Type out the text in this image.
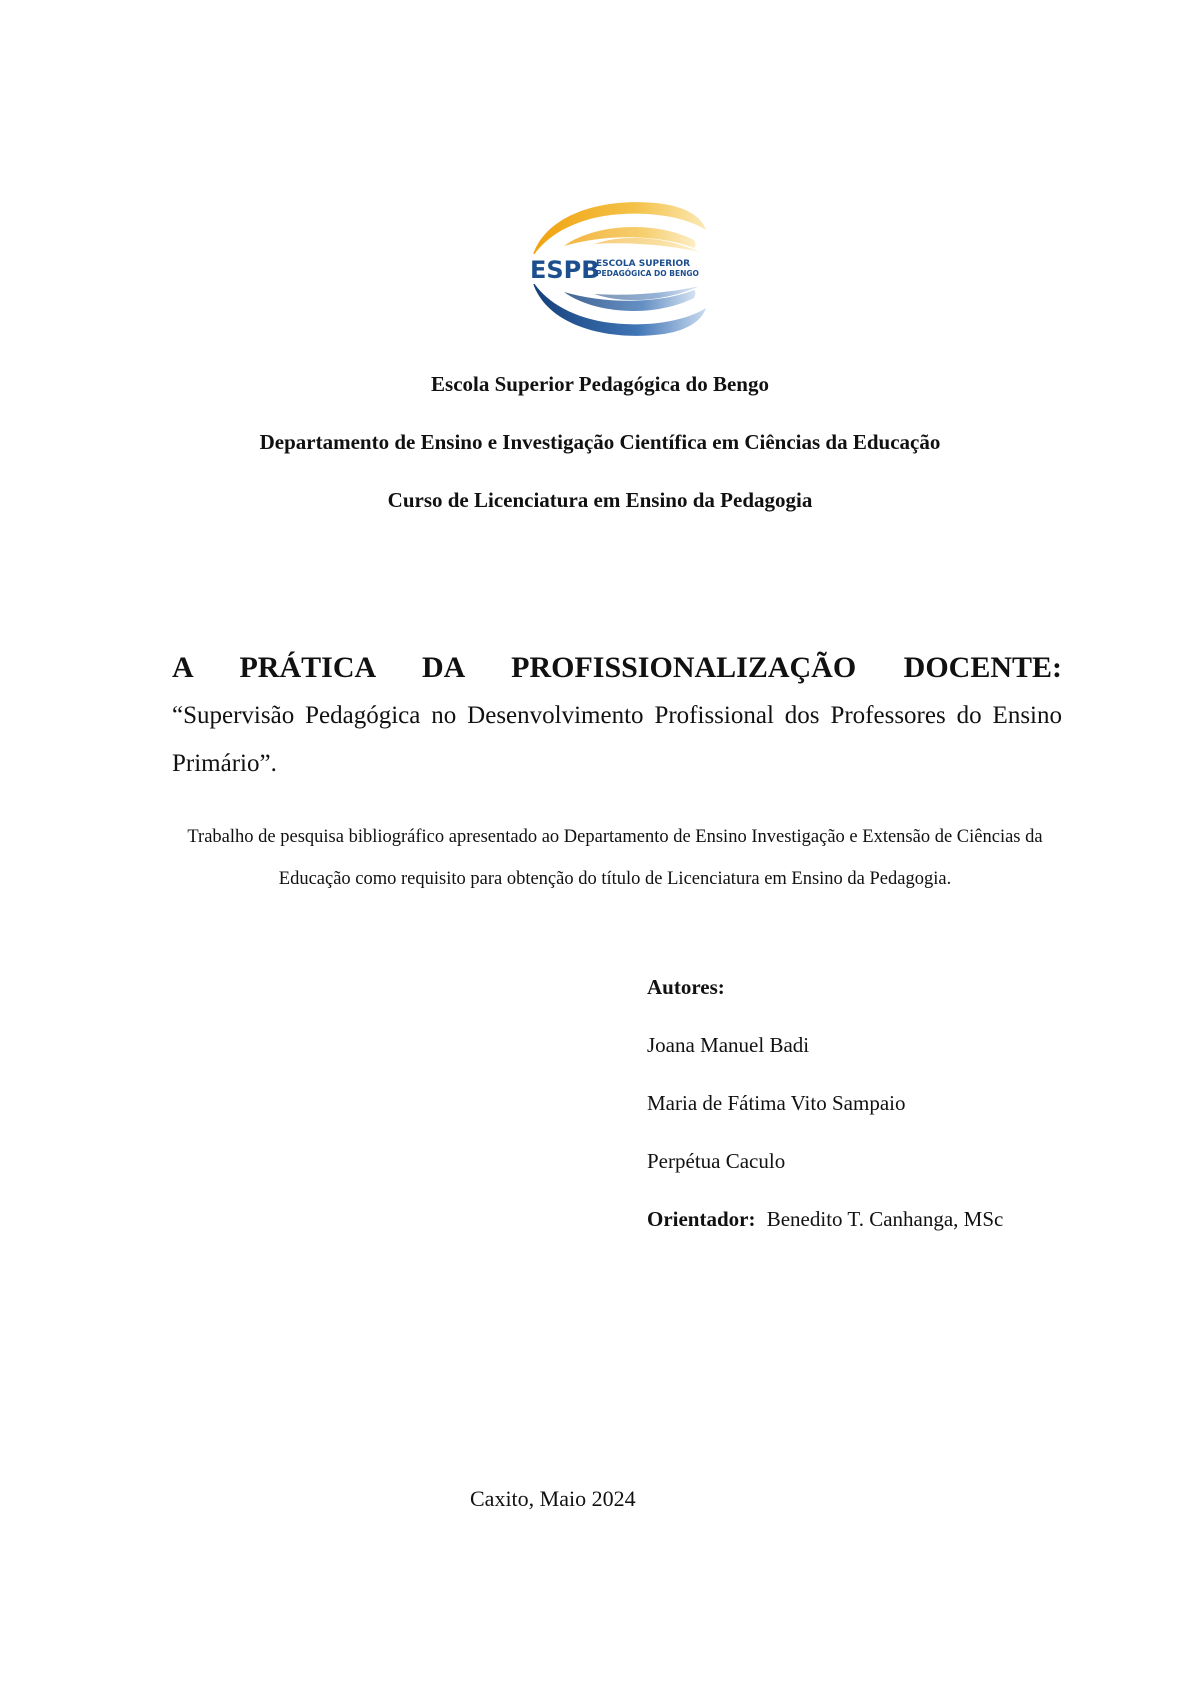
ESPB
ESCOLA SUPERIOR
PEDAGÓGICA DO BENGO
Escola Superior Pedagógica do Bengo
Departamento de Ensino e Investigação Científica em Ciências da Educação
Curso de Licenciatura em Ensino da Pedagogia
A PRÁTICA DA PROFISSIONALIZAÇÃO DOCENTE:
“Supervisão Pedagógica no Desenvolvimento Profissional dos Professores do Ensino Primário”.
Trabalho de pesquisa bibliográfico apresentado ao Departamento de Ensino Investigação e Extensão de Ciências da Educação como requisito para obtenção do título de Licenciatura em Ensino da Pedagogia.
Autores:
Joana Manuel Badi
Maria de Fátima Vito Sampaio
Perpétua Caculo
Orientador: Benedito T. Canhanga, MSc
Caxito, Maio 2024
